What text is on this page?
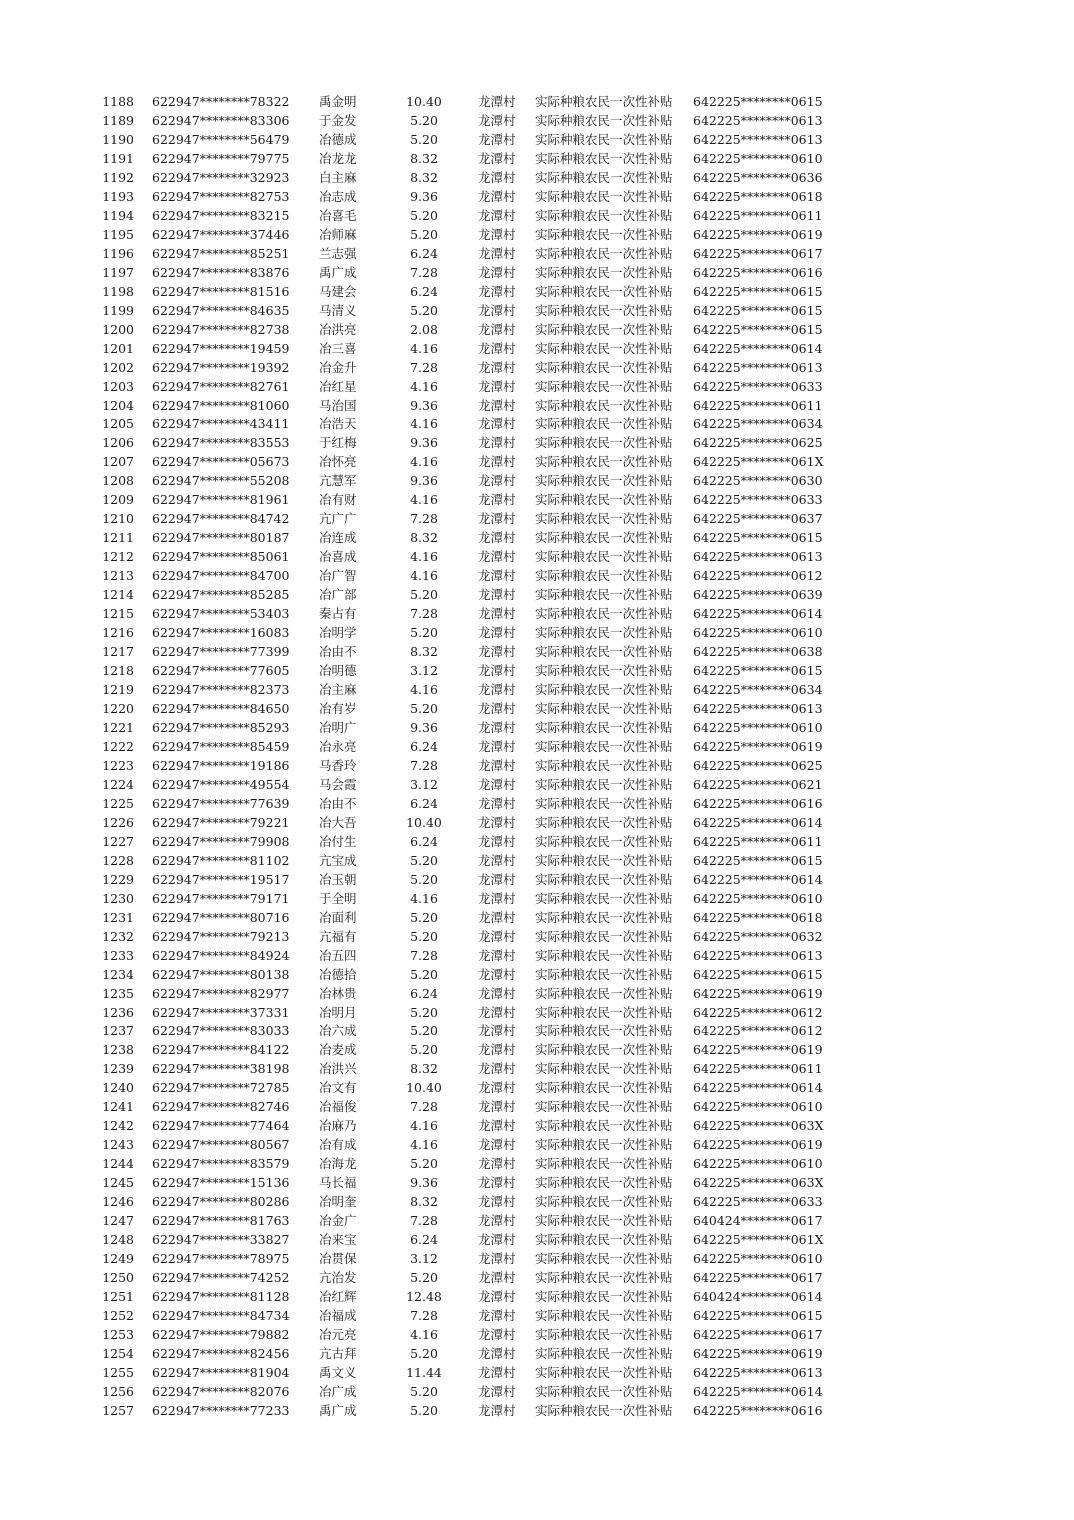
1188 622947********78322 禹金明	10.40	龙潭村 实际种粮农民一次性补贴 642225********0615
1189 622947********83306 于金发	5.20	龙潭村 实际种粮农民一次性补贴 642225********0613
1190 622947********56479 冶德成	5.20	龙潭村 实际种粮农民一次性补贴 642225********0613
1191 622947********79775 冶龙龙	8.32	龙潭村 实际种粮农民一次性补贴 642225********0610
1192 622947********32923 白主麻	8.32	龙潭村 实际种粮农民一次性补贴 642225********0636
1193 622947********82753 冶志成	9.36	龙潭村 实际种粮农民一次性补贴 642225********0618
1194 622947********83215 冶喜毛	5.20	龙潭村 实际种粮农民一次性补贴 642225********0611
1195 622947********37446 冶师麻	5.20	龙潭村 实际种粮农民一次性补贴 642225********0619
1196 622947********85251 兰志强	6.24	龙潭村 实际种粮农民一次性补贴 642225********0617
1197 622947********83876 禹广成	7.28	龙潭村 实际种粮农民一次性补贴 642225********0616
1198 622947********81516 马建会	6.24	龙潭村 实际种粮农民一次性补贴 642225********0615
1199 622947********84635 马清义	5.20	龙潭村 实际种粮农民一次性补贴 642225********0615
1200 622947********82738 冶洪亮	2.08	龙潭村 实际种粮农民一次性补贴 642225********0615
1201 622947********19459 冶三喜	4.16	龙潭村 实际种粮农民一次性补贴 642225********0614
1202 622947********19392 冶金升	7.28	龙潭村 实际种粮农民一次性补贴 642225********0613
1203 622947********82761 冶红星	4.16	龙潭村 实际种粮农民一次性补贴 642225********0633
1204 622947********81060 马治国	9.36	龙潭村 实际种粮农民一次性补贴 642225********0611
1205 622947********43411 冶浩天	4.16	龙潭村 实际种粮农民一次性补贴 642225********0634
1206 622947********83553 于红梅	9.36	龙潭村 实际种粮农民一次性补贴 642225********0625
1207 622947********05673 冶怀亮	4.16	龙潭村 实际种粮农民一次性补贴 642225********061X
1208 622947********55208 亢慧军	9.36	龙潭村 实际种粮农民一次性补贴 642225********0630
1209 622947********81961 冶有财	4.16	龙潭村 实际种粮农民一次性补贴 642225********0633
1210 622947********84742 亢广广	7.28	龙潭村 实际种粮农民一次性补贴 642225********0637
1211 622947********80187 冶连成	8.32	龙潭村 实际种粮农民一次性补贴 642225********0615
1212 622947********85061 冶喜成	4.16	龙潭村 实际种粮农民一次性补贴 642225********0613
1213 622947********84700 冶广智	4.16	龙潭村 实际种粮农民一次性补贴 642225********0612
1214 622947********85285 冶广部	5.20	龙潭村 实际种粮农民一次性补贴 642225********0639
1215 622947********53403 秦占有	7.28	龙潭村 实际种粮农民一次性补贴 642225********0614
1216 622947********16083 冶明学	5.20	龙潭村 实际种粮农民一次性补贴 642225********0610
1217 622947********77399 冶由不	8.32	龙潭村 实际种粮农民一次性补贴 642225********0638
1218 622947********77605 冶明德	3.12	龙潭村 实际种粮农民一次性补贴 642225********0615
1219 622947********82373 冶主麻	4.16	龙潭村 实际种粮农民一次性补贴 642225********0634
1220 622947********84650 冶有岁	5.20	龙潭村 实际种粮农民一次性补贴 642225********0613
1221 622947********85293 冶明广	9.36	龙潭村 实际种粮农民一次性补贴 642225********0610
1222 622947********85459 冶永亮	6.24	龙潭村 实际种粮农民一次性补贴 642225********0619
1223 622947********19186 马香玲	7.28	龙潭村 实际种粮农民一次性补贴 642225********0625
1224 622947********49554 马会霞	3.12	龙潭村 实际种粮农民一次性补贴 642225********0621
1225 622947********77639 冶由不	6.24	龙潭村 实际种粮农民一次性补贴 642225********0616
1226 622947********79221 冶大吾	10.40	龙潭村 实际种粮农民一次性补贴 642225********0614
1227 622947********79908 冶付生	6.24	龙潭村 实际种粮农民一次性补贴 642225********0611
1228 622947********81102 亢宝成	5.20	龙潭村 实际种粮农民一次性补贴 642225********0615
1229 622947********19517 冶玉朝	5.20	龙潭村 实际种粮农民一次性补贴 642225********0614
1230 622947********79171 于全明	4.16	龙潭村 实际种粮农民一次性补贴 642225********0610
1231 622947********80716 冶面利	5.20	龙潭村 实际种粮农民一次性补贴 642225********0618
1232 622947********79213 亢福有	5.20	龙潭村 实际种粮农民一次性补贴 642225********0632
1233 622947********84924 冶五四	7.28	龙潭村 实际种粮农民一次性补贴 642225********0613
1234 622947********80138 冶德拾	5.20	龙潭村 实际种粮农民一次性补贴 642225********0615
1235 622947********82977 冶林贵	6.24	龙潭村 实际种粮农民一次性补贴 642225********0619
1236 622947********37331 冶明月	5.20	龙潭村 实际种粮农民一次性补贴 642225********0612
1237 622947********83033 冶六成	5.20	龙潭村 实际种粮农民一次性补贴 642225********0612
1238 622947********84122 冶麦成	5.20	龙潭村 实际种粮农民一次性补贴 642225********0619
1239 622947********38198 冶洪兴	8.32	龙潭村 实际种粮农民一次性补贴 642225********0611
1240 622947********72785 冶文有	10.40	龙潭村 实际种粮农民一次性补贴 642225********0614
1241 622947********82746 冶福俊	7.28	龙潭村 实际种粮农民一次性补贴 642225********0610
1242 622947********77464 冶麻乃	4.16	龙潭村 实际种粮农民一次性补贴 642225********063X
1243 622947********80567 冶有成	4.16	龙潭村 实际种粮农民一次性补贴 642225********0619
1244 622947********83579 冶海龙	5.20	龙潭村 实际种粮农民一次性补贴 642225********0610
1245 622947********15136 马长福	9.36	龙潭村 实际种粮农民一次性补贴 642225********063X
1246 622947********80286 冶明奎	8.32	龙潭村 实际种粮农民一次性补贴 642225********0633
1247 622947********81763 冶金广	7.28	龙潭村 实际种粮农民一次性补贴 640424********0617
1248 622947********33827 冶来宝	6.24	龙潭村 实际种粮农民一次性补贴 642225********061X
1249 622947********78975 冶贯保	3.12	龙潭村 实际种粮农民一次性补贴 642225********0610
1250 622947********74252 亢治发	5.20	龙潭村 实际种粮农民一次性补贴 642225********0617
1251 622947********81128 冶红辉	12.48	龙潭村 实际种粮农民一次性补贴 640424********0614
1252 622947********84734 冶福成	7.28	龙潭村 实际种粮农民一次性补贴 642225********0615
1253 622947********79882 冶元亮	4.16	龙潭村 实际种粮农民一次性补贴 642225********0617
1254 622947********82456 亢古拜	5.20	龙潭村 实际种粮农民一次性补贴 642225********0619
1255 622947********81904 禹文义	11.44	龙潭村 实际种粮农民一次性补贴 642225********0613
1256 622947********82076 冶广成	5.20	龙潭村 实际种粮农民一次性补贴 642225********0614
1257 622947********77233 禹广成	5.20	龙潭村 实际种粮农民一次性补贴 642225********0616
